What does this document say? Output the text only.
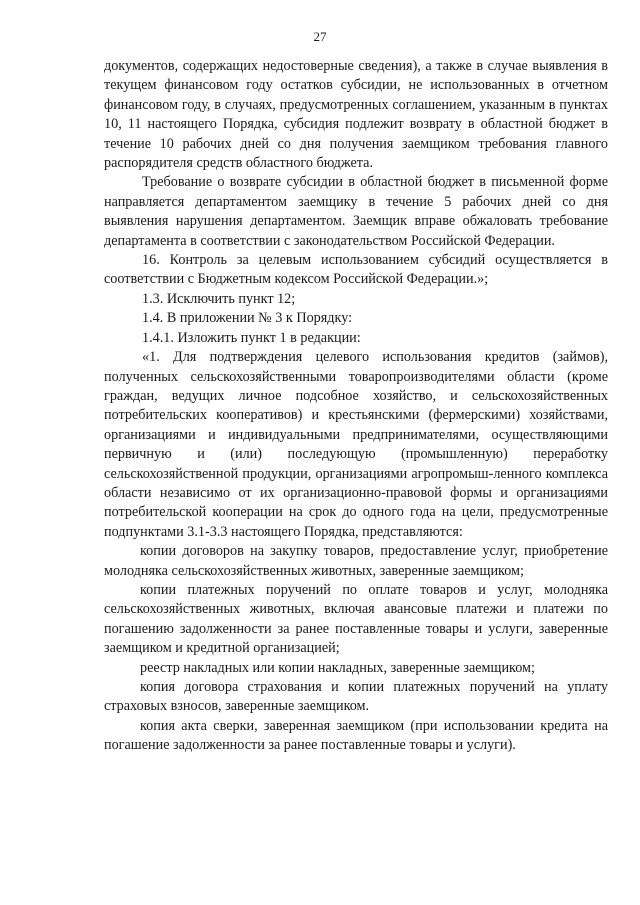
27

документов, содержащих недостоверные сведения), а также в случае выявления в текущем финансовом году остатков субсидии, не использованных в отчетном финансовом году, в случаях, предусмотренных соглашением, указанным в пунктах 10, 11 настоящего Порядка, субсидия подлежит возврату в областной бюджет в течение 10 рабочих дней со дня получения заемщиком требования главного распорядителя средств областного бюджета.

Требование о возврате субсидии в областной бюджет в письменной форме направляется департаментом заемщику в течение 5 рабочих дней со дня выявления нарушения департаментом. Заемщик вправе обжаловать требование департамента в соответствии с законодательством Российской Федерации.

16. Контроль за целевым использованием субсидий осуществляется в соответствии с Бюджетным кодексом Российской Федерации.»;

1.3. Исключить пункт 12;

1.4. В приложении № 3 к Порядку:

1.4.1. Изложить пункт 1 в редакции:

«1. Для подтверждения целевого использования кредитов (займов), полученных сельскохозяйственными товаропроизводителями области (кроме граждан, ведущих личное подсобное хозяйство, и сельскохозяйственных потребительских кооперативов) и крестьянскими (фермерскими) хозяйствами, организациями и индивидуальными предпринимателями, осуществляющими первичную и (или) последующую (промышленную) переработку сельскохозяйственной продукции, организациями агропромыш-ленного комплекса области независимо от их организационно-правовой формы и организациями потребительской кооперации на срок до одного года на цели, предусмотренные подпунктами 3.1-3.3 настоящего Порядка, представляются:

копии договоров на закупку товаров, предоставление услуг, приобретение молодняка сельскохозяйственных животных, заверенные заемщиком;

копии платежных поручений по оплате товаров и услуг, молодняка сельскохозяйственных животных, включая авансовые платежи и платежи по погашению задолженности за ранее поставленные товары и услуги, заверенные заемщиком и кредитной организацией;

реестр накладных или копии накладных, заверенные заемщиком;

копия договора страхования и копии платежных поручений на уплату страховых взносов, заверенные заемщиком.

копия акта сверки, заверенная заемщиком (при использовании кредита на погашение задолженности за ранее поставленные товары и услуги).
